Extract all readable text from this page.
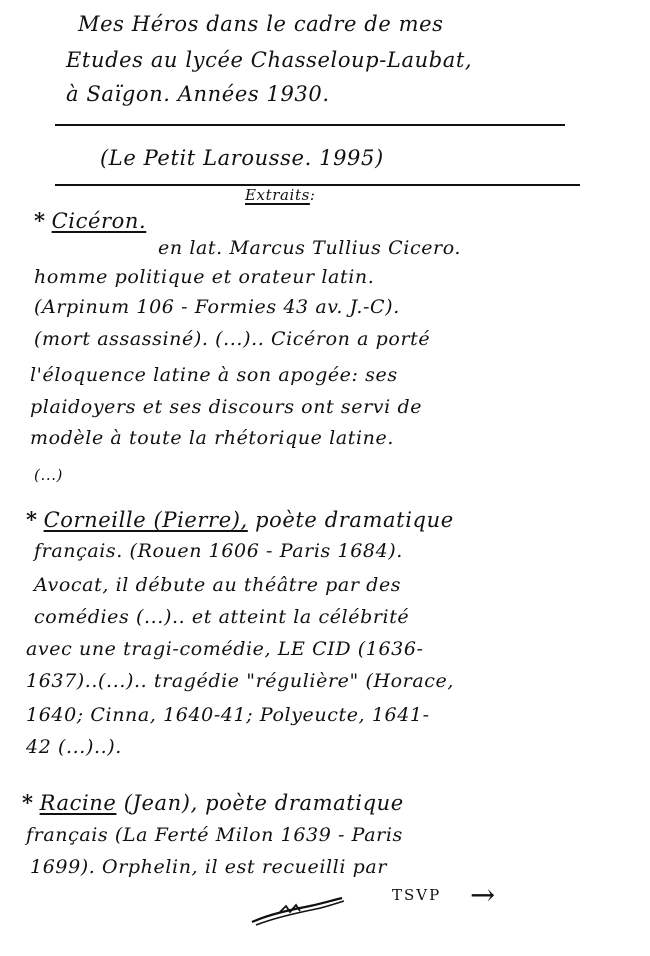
Mes Héros dans le cadre de mes
Etudes au lycée Chasseloup-Laubat,
à Saïgon. Années 1930.
(Le Petit Larousse. 1995)
Extraits:
* Cicéron.
en lat. Marcus Tullius Cicero.
homme politique et orateur latin.
(Arpinum 106 - Formies 43 av. J.-C).
(mort assassiné). (...).. Cicéron a porté
l'éloquence latine à son apogée: ses
plaidoyers et ses discours ont servi de
modèle à toute la rhétorique latine.
(...)
* Corneille (Pierre), poète dramatique
français. (Rouen 1606 - Paris 1684).
Avocat, il débute au théâtre par des
comédies (...).. et atteint la célébrité
avec une tragi-comédie, LE CID (1636-
1637)..(...).. tragédie "régulière" (Horace,
1640; Cinna, 1640-41; Polyeucte, 1641-
42 (...)..).
* Racine (Jean), poète dramatique
français (La Ferté Milon 1639 - Paris
1699). Orphelin, il est recueilli par
TSVP →
